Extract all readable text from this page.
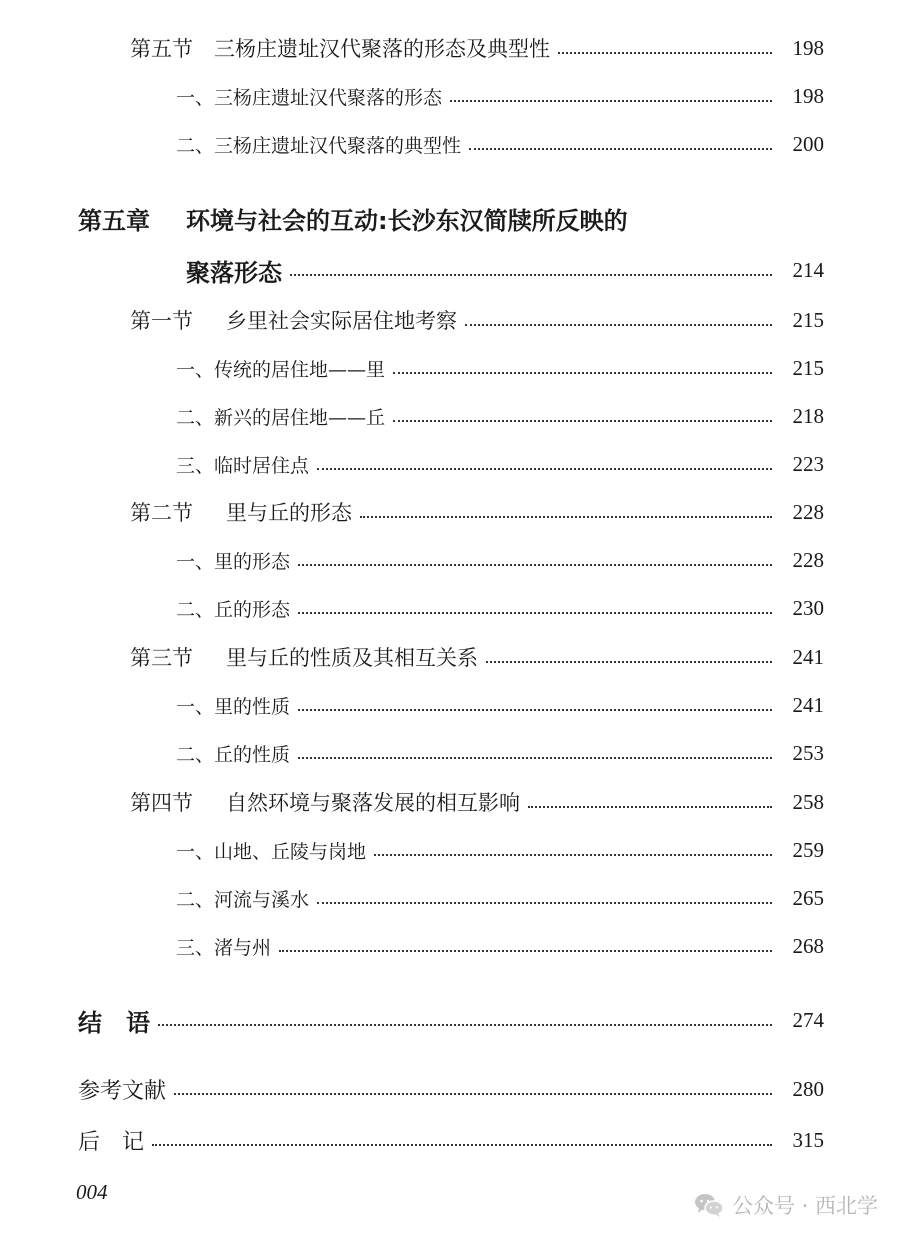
第五节　三杨庄遗址汉代聚落的形态及典型性	198
一、三杨庄遗址汉代聚落的形态	198
二、三杨庄遗址汉代聚落的典型性	200
第五章	环境与社会的互动:长沙东汉简牍所反映的
聚落形态	214
第一节 乡里社会实际居住地考察	215
一、传统的居住地——里	215
二、新兴的居住地——丘	218
三、临时居住点	223
第二节 里与丘的形态	228
一、里的形态	228
二、丘的形态	230
第三节 里与丘的性质及其相互关系	241
一、里的性质	241
二、丘的性质	253
第四节 自然环境与聚落发展的相互影响	258
一、山地、丘陵与岗地	259
二、河流与溪水	265
三、渚与州	268
结　语	274
参考文献	280
后　记	315
004
公众号 · 西北学
